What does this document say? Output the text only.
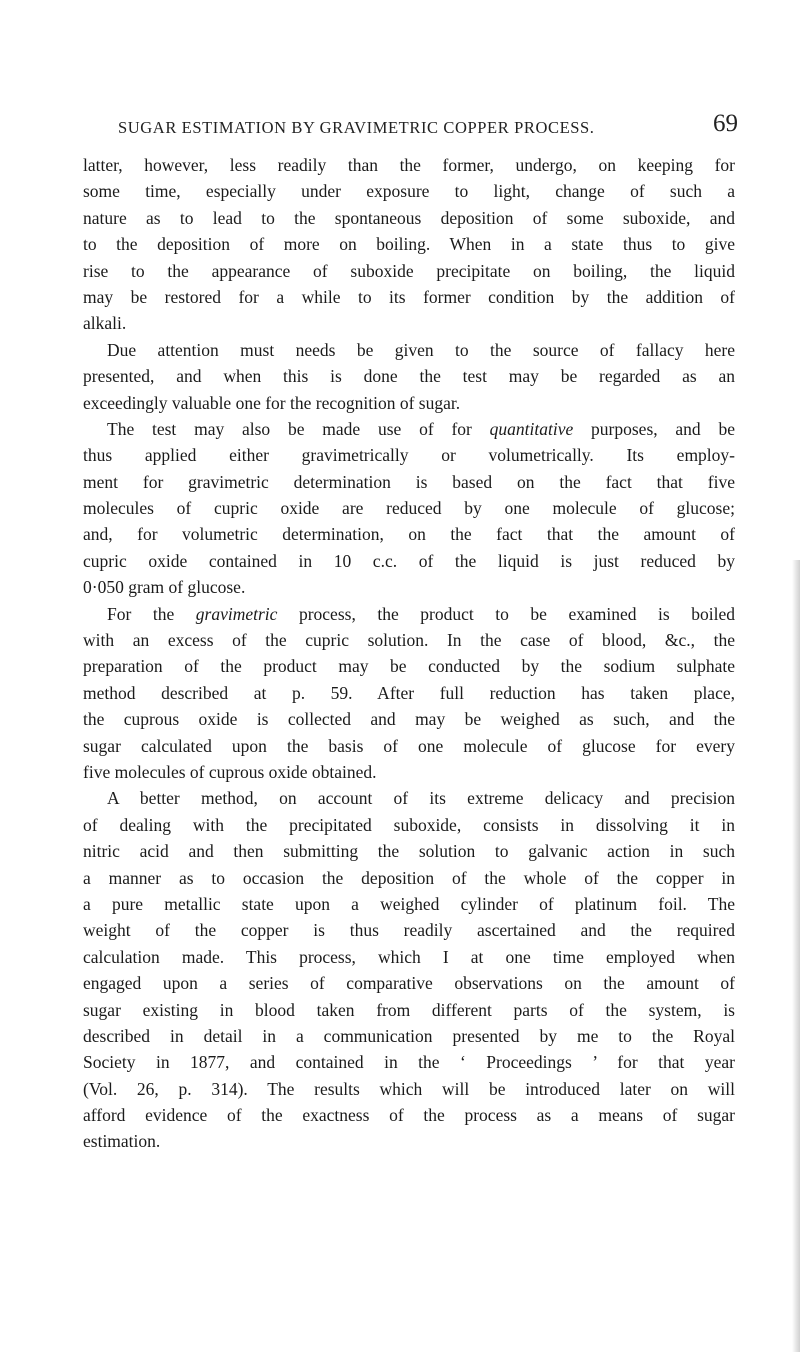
SUGAR ESTIMATION BY GRAVIMETRIC COPPER PROCESS.	69
latter, however, less readily than the former, undergo, on keeping for
some time, especially under exposure to light, change of such a
nature as to lead to the spontaneous deposition of some suboxide, and
to the deposition of more on boiling. When in a state thus to give
rise to the appearance of suboxide precipitate on boiling, the liquid
may be restored for a while to its former condition by the addition of
alkali.
Due attention must needs be given to the source of fallacy here
presented, and when this is done the test may be regarded as an
exceedingly valuable one for the recognition of sugar.
The test may also be made use of for quantitative purposes, and be
thus applied either gravimetrically or volumetrically. Its employ-
ment for gravimetric determination is based on the fact that five
molecules of cupric oxide are reduced by one molecule of glucose;
and, for volumetric determination, on the fact that the amount of
cupric oxide contained in 10 c.c. of the liquid is just reduced by
0·050 gram of glucose.
For the gravimetric process, the product to be examined is boiled
with an excess of the cupric solution. In the case of blood, &c., the
preparation of the product may be conducted by the sodium sulphate
method described at p. 59. After full reduction has taken place,
the cuprous oxide is collected and may be weighed as such, and the
sugar calculated upon the basis of one molecule of glucose for every
five molecules of cuprous oxide obtained.
A better method, on account of its extreme delicacy and precision
of dealing with the precipitated suboxide, consists in dissolving it in
nitric acid and then submitting the solution to galvanic action in such
a manner as to occasion the deposition of the whole of the copper in
a pure metallic state upon a weighed cylinder of platinum foil. The
weight of the copper is thus readily ascertained and the required
calculation made. This process, which I at one time employed when
engaged upon a series of comparative observations on the amount of
sugar existing in blood taken from different parts of the system, is
described in detail in a communication presented by me to the Royal
Society in 1877, and contained in the ‘ Proceedings ’ for that year
(Vol. 26, p. 314). The results which will be introduced later on will
afford evidence of the exactness of the process as a means of sugar
estimation.
